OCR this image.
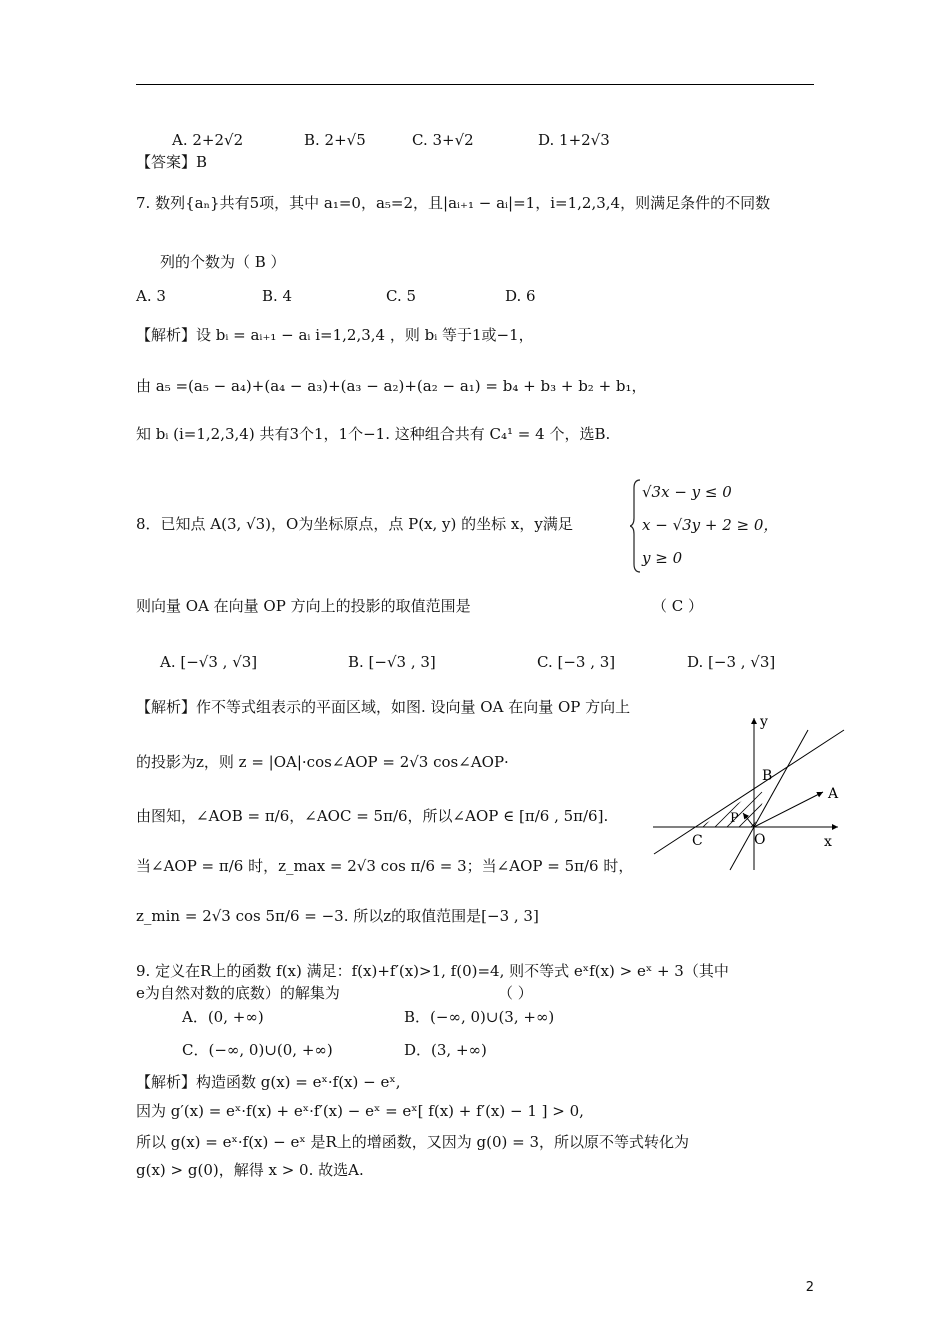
A. 2+2√2	B. 2+√5	C. 3+√2	D. 1+2√3
【答案】B
7. 数列{aₙ}共有5项，其中 a₁=0，a₅=2，且|aᵢ₊₁ − aᵢ|=1，i=1,2,3,4，则满足条件的不同数
列的个数为（ B ）
A. 3	B. 4	C. 5	D. 6
【解析】设 bᵢ = aᵢ₊₁ − aᵢ i=1,2,3,4 ，则 bᵢ 等于1或−1，
由 a₅ =(a₅ − a₄)+(a₄ − a₃)+(a₃ − a₂)+(a₂ − a₁) = b₄ + b₃ + b₂ + b₁，
知 bᵢ (i=1,2,3,4) 共有3个1，1个−1. 这种组合共有 C₄¹ = 4 个，选B.
8．已知点 A(3, √3)，O为坐标原点，点 P(x, y) 的坐标 x，y满足
√3x − y ≤ 0
x − √3y + 2 ≥ 0，
y ≥ 0
则向量 OA 在向量 OP 方向上的投影的取值范围是	（ C ）
A. [−√3 , √3]	B. [−√3 , 3]	C. [−3 , 3]	D. [−3 , √3]
【解析】作不等式组表示的平面区域，如图. 设向量 OA 在向量 OP 方向上
的投影为z，则 z = |OA|·cos∠AOP = 2√3 cos∠AOP·
由图知，∠AOB = π/6，∠AOC = 5π/6，所以∠AOP ∈ [π/6 , 5π/6].
当∠AOP = π/6 时，z_max = 2√3 cos π/6 = 3；当∠AOP = 5π/6 时，
z_min = 2√3 cos 5π/6 = −3. 所以z的取值范围是[−3 , 3]
y
B
A
P
C	O	x
9. 定义在R上的函数 f(x) 满足：f(x)+f′(x)>1, f(0)=4, 则不等式 eˣf(x) > eˣ + 3（其中
e为自然对数的底数）的解集为	（ ）
A．(0, +∞)	B．(−∞, 0)∪(3, +∞)
C．(−∞, 0)∪(0, +∞)	D．(3, +∞)
【解析】构造函数 g(x) = eˣ·f(x) − eˣ,
因为 g′(x) = eˣ·f(x) + eˣ·f′(x) − eˣ = eˣ[ f(x) + f′(x) − 1 ] > 0,
所以 g(x) = eˣ·f(x) − eˣ 是R上的增函数，又因为 g(0) = 3，所以原不等式转化为
g(x) > g(0)，解得 x > 0. 故选A.
2
